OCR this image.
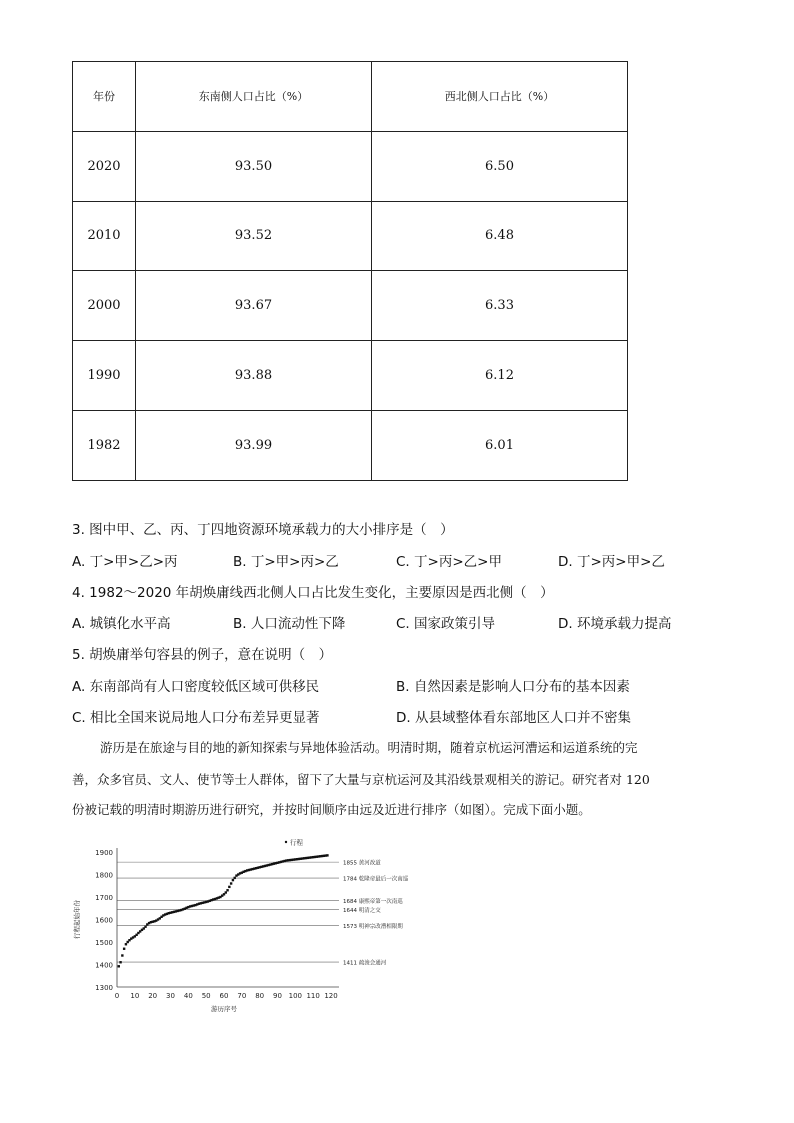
年份	东南侧人口占比（%）	西北侧人口占比（%）
2020	93.50	6.50
2010	93.52	6.48
2000	93.67	6.33
1990	93.88	6.12
1982	93.99	6.01
3. 图中甲、乙、丙、丁四地资源环境承载力的大小排序是（　）
A. 丁>甲>乙>丙	B. 丁>甲>丙>乙	C. 丁>丙>乙>甲	D. 丁>丙>甲>乙
4. 1982～2020 年胡焕庸线西北侧人口占比发生变化，主要原因是西北侧（　）
A. 城镇化水平高	B. 人口流动性下降	C. 国家政策引导	D. 环境承载力提高
5. 胡焕庸举句容县的例子，意在说明（　）
A. 东南部尚有人口密度较低区域可供移民	B. 自然因素是影响人口分布的基本因素
C. 相比全国来说局地人口分布差异更显著	D. 从县域整体看东部地区人口并不密集
游历是在旅途与目的地的新知探索与异地体验活动。明清时期，随着京杭运河漕运和运道系统的完
善，众多官员、文人、使节等士人群体，留下了大量与京杭运河及其沿线景观相关的游记。研究者对 120
份被记载的明清时期游历进行研究，并按时间顺序由远及近进行排序（如图）。完成下面小题。
1855 黄河改道
1784 乾隆帝最后一次南巡
1684 康熙帝第一次南巡
1644 明清之交
1573 明神宗改漕相限期
1411 疏浚会通河
1300
1400
1500
1600
1700
1800
1900
0 10 20 30 40 50 60 70 80 90 100 110 120
游历序号
行程起始年份
行程
